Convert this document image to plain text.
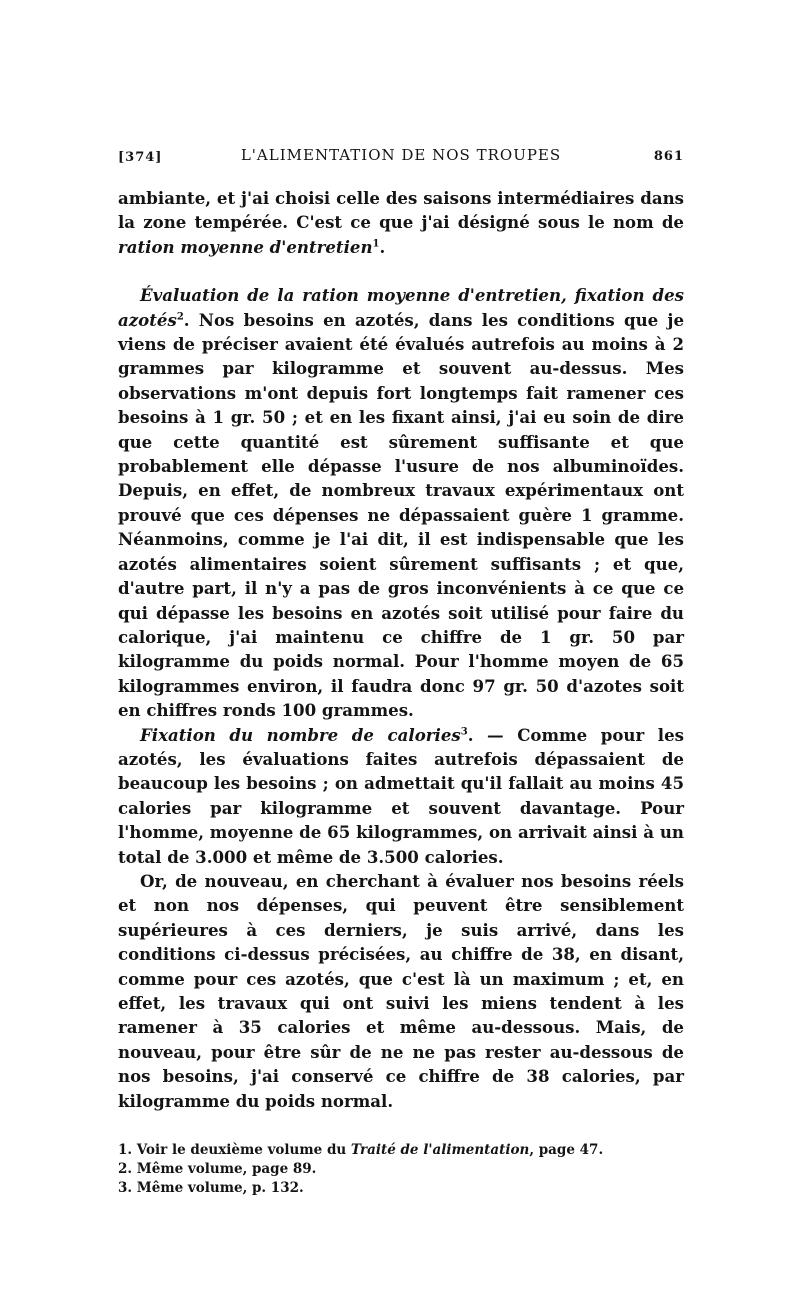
[374]	L'ALIMENTATION DE NOS TROUPES	861

ambiante, et j'ai choisi celle des saisons intermédiaires dans la zone tempérée. C'est ce que j'ai désigné sous le nom de ration moyenne d'entretien$^1$.

Évaluation de la ration moyenne d'entretien, fixation des azotés$^2$. Nos besoins en azotés, dans les conditions que je viens de préciser avaient été évalués autrefois au moins à 2 grammes par kilogramme et souvent au-dessus. Mes observations m'ont depuis fort longtemps fait ramener ces besoins à 1 gr. 50 ; et en les fixant ainsi, j'ai eu soin de dire que cette quantité est sûrement suffisante et que probablement elle dépasse l'usure de nos albuminoïdes. Depuis, en effet, de nombreux travaux expérimentaux ont prouvé que ces dépenses ne dépassaient guère 1 gramme. Néanmoins, comme je l'ai dit, il est indispensable que les azotés alimentaires soient sûrement suffisants ; et que, d'autre part, il n'y a pas de gros inconvénients à ce que ce qui dépasse les besoins en azotés soit utilisé pour faire du calorique, j'ai maintenu ce chiffre de 1 gr. 50 par kilogramme du poids normal. Pour l'homme moyen de 65 kilogrammes environ, il faudra donc 97 gr. 50 d'azotes soit en chiffres ronds 100 grammes.

Fixation du nombre de calories$^3$. — Comme pour les azotés, les évaluations faites autrefois dépassaient de beaucoup les besoins ; on admettait qu'il fallait au moins 45 calories par kilogramme et souvent davantage. Pour l'homme, moyenne de 65 kilogrammes, on arrivait ainsi à un total de 3.000 et même de 3.500 calories.

Or, de nouveau, en cherchant à évaluer nos besoins réels et non nos dépenses, qui peuvent être sensiblement supérieures à ces derniers, je suis arrivé, dans les conditions ci-dessus précisées, au chiffre de 38, en disant, comme pour ces azotés, que c'est là un maximum ; et, en effet, les travaux qui ont suivi les miens tendent à les ramener à 35 calories et même au-dessous. Mais, de nouveau, pour être sûr de ne ne pas rester au-dessous de nos besoins, j'ai conservé ce chiffre de 38 calories, par kilogramme du poids normal.

1. Voir le deuxième volume du Traité de l'alimentation, page 47.

2. Même volume, page 89.

3. Même volume, p. 132.
